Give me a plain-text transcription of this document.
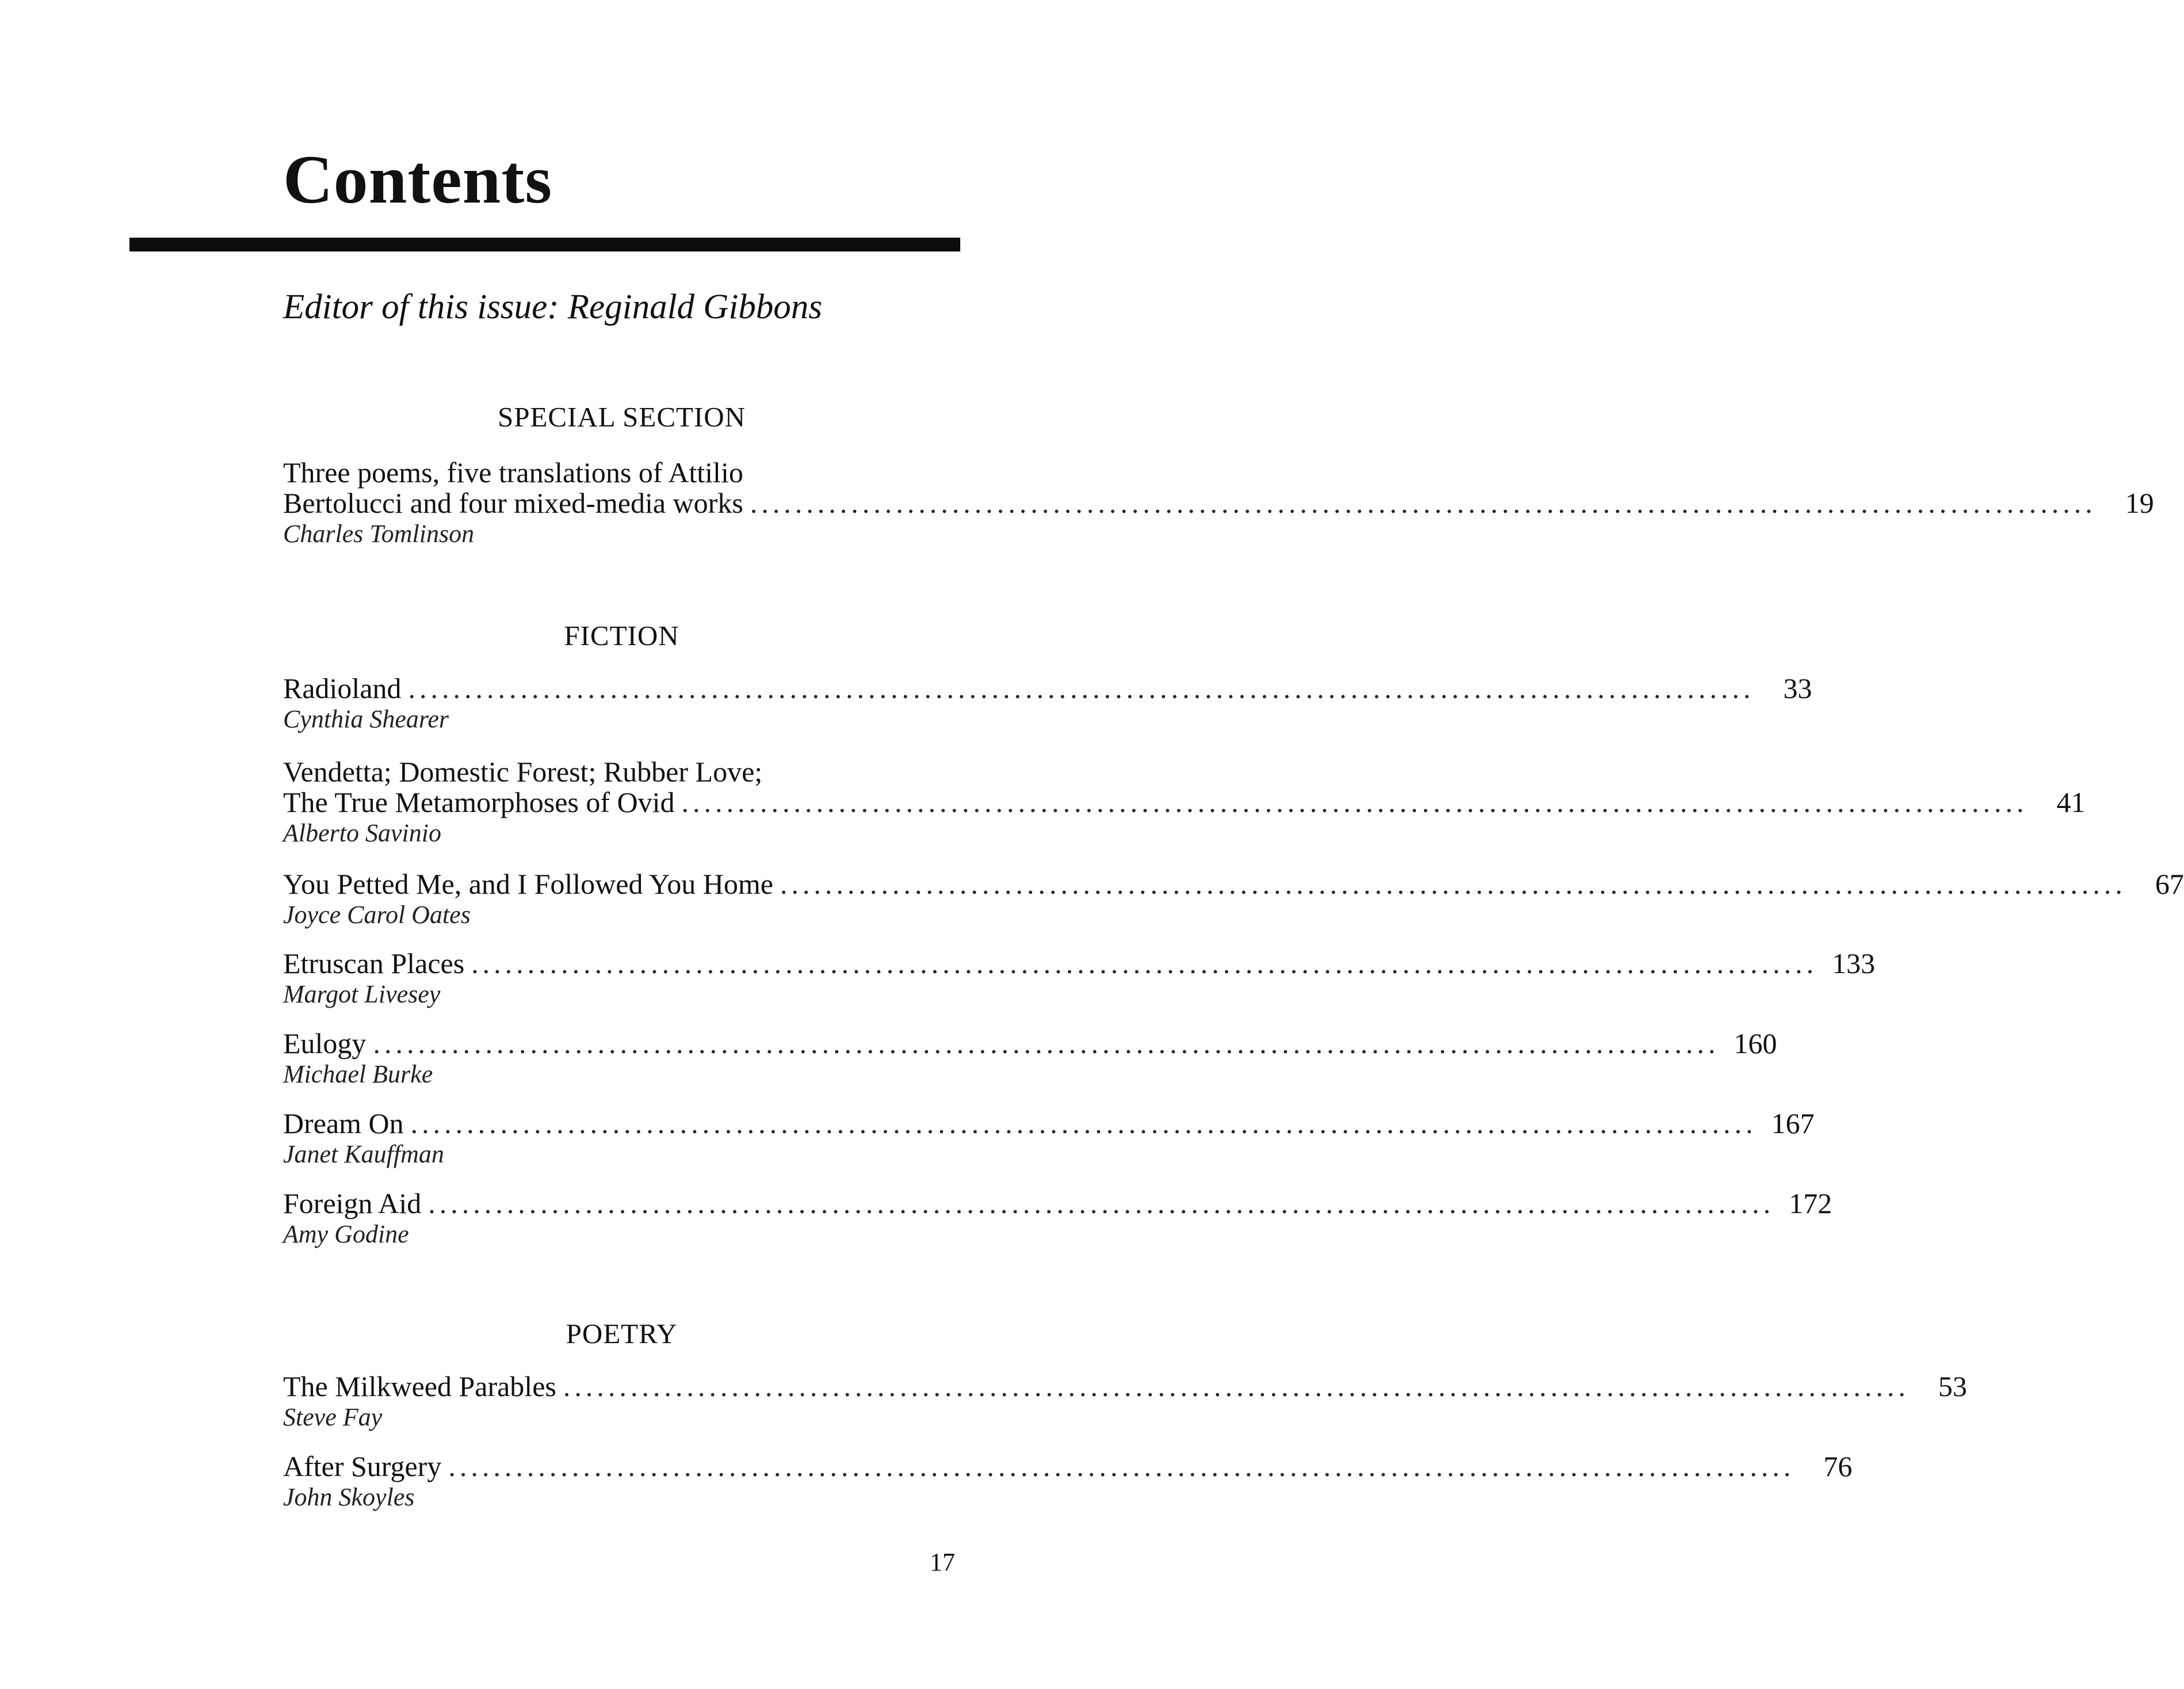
Contents
Editor of this issue: Reginald Gibbons
SPECIAL SECTION
Three poems, five translations of Attilio
Bertolucci and four mixed-media works ........................................................................................................................	19
Charles Tomlinson
FICTION
Radioland ........................................................................................................................	33
Cynthia Shearer
Vendetta; Domestic Forest; Rubber Love;
The True Metamorphoses of Ovid ........................................................................................................................	41
Alberto Savinio
You Petted Me, and I Followed You Home ........................................................................................................................	67
Joyce Carol Oates
Etruscan Places ........................................................................................................................ 133
Margot Livesey
Eulogy ........................................................................................................................ 160
Michael Burke
Dream On ........................................................................................................................ 167
Janet Kauffman
Foreign Aid ........................................................................................................................ 172
Amy Godine
POETRY
The Milkweed Parables ........................................................................................................................	53
Steve Fay
After Surgery ........................................................................................................................	76
John Skoyles
17
